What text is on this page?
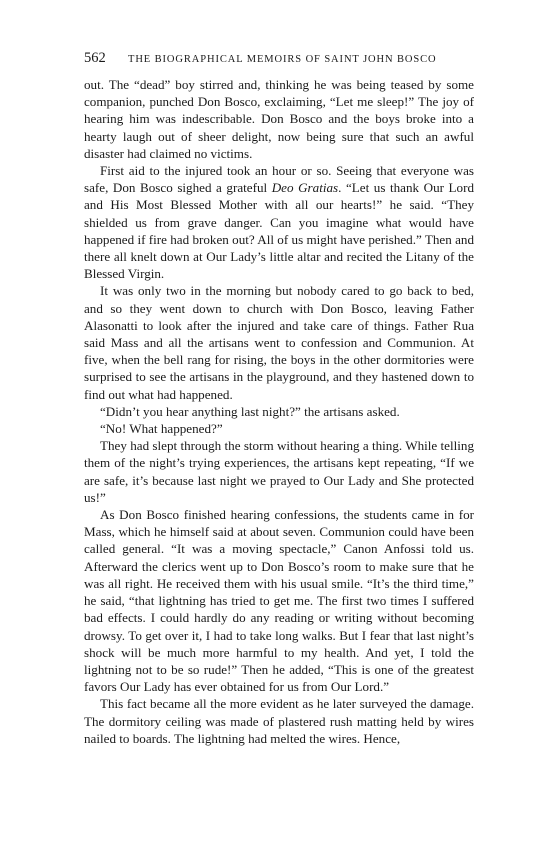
562	THE BIOGRAPHICAL MEMOIRS OF SAINT JOHN BOSCO

out. The “dead” boy stirred and, thinking he was being teased by some companion, punched Don Bosco, exclaiming, “Let me sleep!” The joy of hearing him was indescribable. Don Bosco and the boys broke into a hearty laugh out of sheer delight, now being sure that such an awful disaster had claimed no victims.

First aid to the injured took an hour or so. Seeing that everyone was safe, Don Bosco sighed a grateful Deo Gratias. “Let us thank Our Lord and His Most Blessed Mother with all our hearts!” he said. “They shielded us from grave danger. Can you imagine what would have happened if fire had broken out? All of us might have perished.” Then and there all knelt down at Our Lady’s little altar and recited the Litany of the Blessed Virgin.

It was only two in the morning but nobody cared to go back to bed, and so they went down to church with Don Bosco, leaving Father Alasonatti to look after the injured and take care of things. Father Rua said Mass and all the artisans went to confession and Communion. At five, when the bell rang for rising, the boys in the other dormitories were surprised to see the artisans in the playground, and they hastened down to find out what had happened.

“Didn’t you hear anything last night?” the artisans asked.

“No! What happened?”

They had slept through the storm without hearing a thing. While telling them of the night’s trying experiences, the artisans kept repeating, “If we are safe, it’s because last night we prayed to Our Lady and She protected us!”

As Don Bosco finished hearing confessions, the students came in for Mass, which he himself said at about seven. Communion could have been called general. “It was a moving spectacle,” Canon Anfossi told us. Afterward the clerics went up to Don Bosco’s room to make sure that he was all right. He received them with his usual smile. “It’s the third time,” he said, “that lightning has tried to get me. The first two times I suffered bad effects. I could hardly do any reading or writing without becoming drowsy. To get over it, I had to take long walks. But I fear that last night’s shock will be much more harmful to my health. And yet, I told the lightning not to be so rude!” Then he added, “This is one of the greatest favors Our Lady has ever obtained for us from Our Lord.”

This fact became all the more evident as he later surveyed the damage. The dormitory ceiling was made of plastered rush matting held by wires nailed to boards. The lightning had melted the wires. Hence,
